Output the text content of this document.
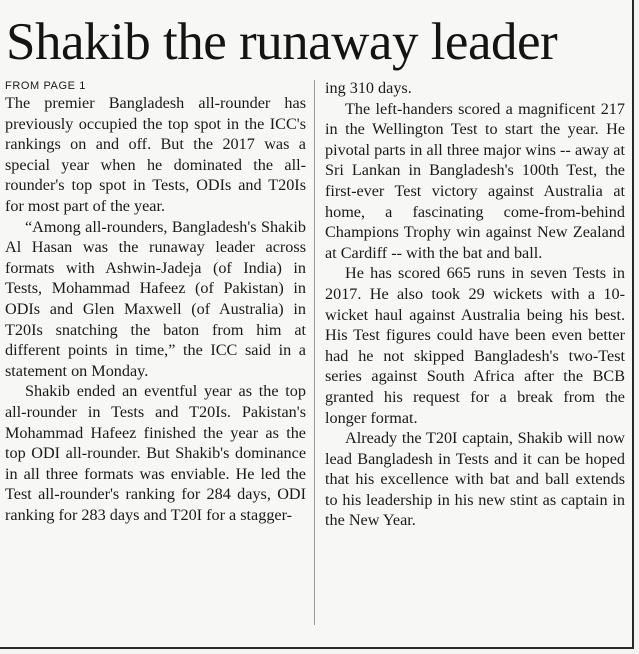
Shakib the runaway leader
FROM PAGE 1

The premier Bangladesh all-rounder has previously occupied the top spot in the ICC's rankings on and off. But the 2017 was a special year when he dominated the all-rounder's top spot in Tests, ODIs and T20Is for most part of the year.

“Among all-rounders, Bangladesh's Shakib Al Hasan was the runaway leader across formats with Ashwin-Jadeja (of India) in Tests, Mohammad Hafeez (of Pakistan) in ODIs and Glen Maxwell (of Australia) in T20Is snatching the baton from him at different points in time,” the ICC said in a statement on Monday.

Shakib ended an eventful year as the top all-rounder in Tests and T20Is. Pakistan's Mohammad Hafeez finished the year as the top ODI all-rounder. But Shakib's dominance in all three formats was enviable. He led the Test all-rounder's ranking for 284 days, ODI ranking for 283 days and T20I for a stagger-

ing 310 days.

The left-handers scored a magnificent 217 in the Wellington Test to start the year. He pivotal parts in all three major wins -- away at Sri Lankan in Bangladesh's 100th Test, the first-ever Test victory against Australia at home, a fascinating come-from-behind Champions Trophy win against New Zealand at Cardiff -- with the bat and ball.

He has scored 665 runs in seven Tests in 2017. He also took 29 wickets with a 10-wicket haul against Australia being his best. His Test figures could have been even better had he not skipped Bangladesh's two-Test series against South Africa after the BCB granted his request for a break from the longer format.

Already the T20I captain, Shakib will now lead Bangladesh in Tests and it can be hoped that his excellence with bat and ball extends to his leadership in his new stint as captain in the New Year.
